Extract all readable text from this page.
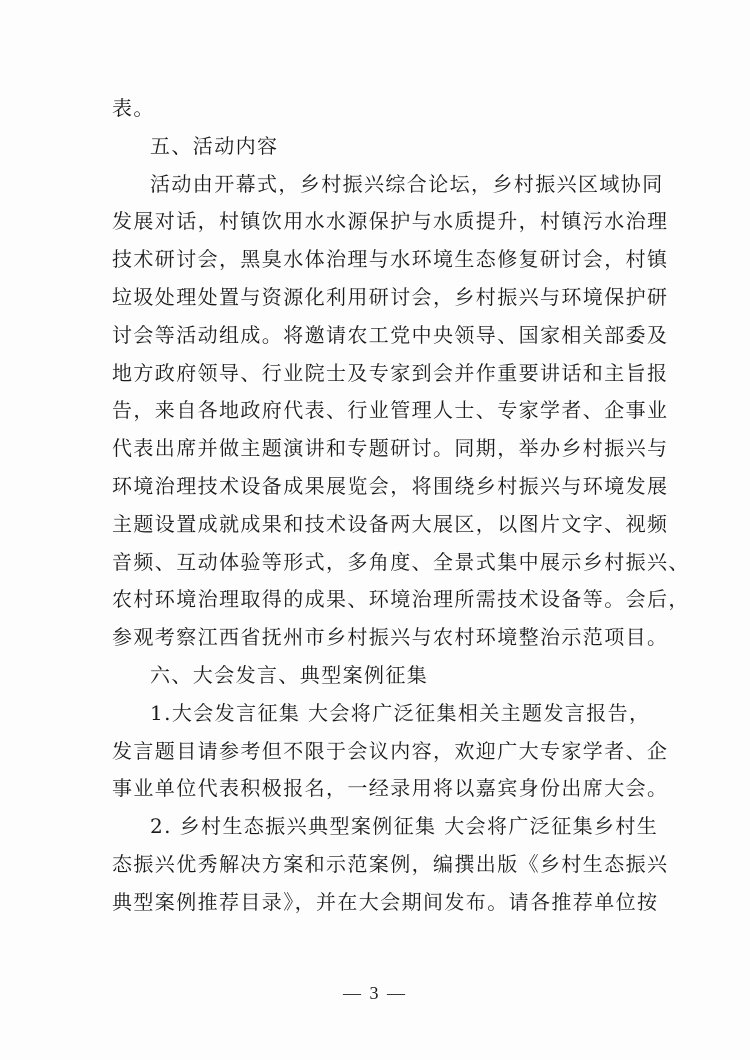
表。
五、活动内容
活动由开幕式，乡村振兴综合论坛，乡村振兴区域协同
发展对话，村镇饮用水水源保护与水质提升，村镇污水治理
技术研讨会，黑臭水体治理与水环境生态修复研讨会，村镇
垃圾处理处置与资源化利用研讨会，乡村振兴与环境保护研
讨会等活动组成。将邀请农工党中央领导、国家相关部委及
地方政府领导、行业院士及专家到会并作重要讲话和主旨报
告，来自各地政府代表、行业管理人士、专家学者、企事业
代表出席并做主题演讲和专题研讨。同期，举办乡村振兴与
环境治理技术设备成果展览会，将围绕乡村振兴与环境发展
主题设置成就成果和技术设备两大展区，以图片文字、视频
音频、互动体验等形式，多角度、全景式集中展示乡村振兴、
农村环境治理取得的成果、环境治理所需技术设备等。会后，
参观考察江西省抚州市乡村振兴与农村环境整治示范项目。
六、大会发言、典型案例征集
1.大会发言征集 大会将广泛征集相关主题发言报告，
发言题目请参考但不限于会议内容，欢迎广大专家学者、企
事业单位代表积极报名，一经录用将以嘉宾身份出席大会。
2. 乡村生态振兴典型案例征集 大会将广泛征集乡村生
态振兴优秀解决方案和示范案例，编撰出版《乡村生态振兴
典型案例推荐目录》，并在大会期间发布。请各推荐单位按
— 3 —
